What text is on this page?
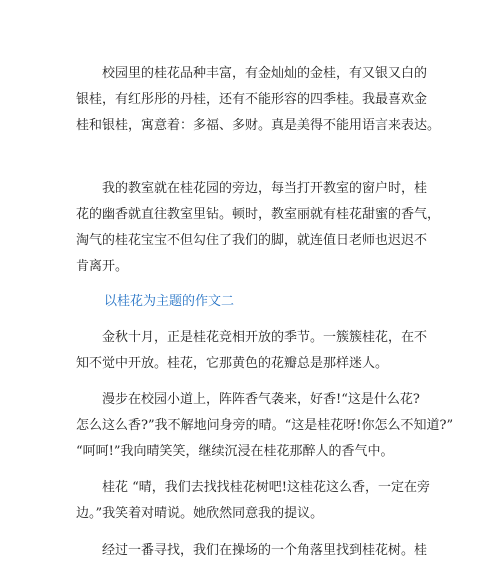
　　校园里的桂花品种丰富，有金灿灿的金桂，有又银又白的
银桂，有红彤彤的丹桂，还有不能形容的四季桂。我最喜欢金
桂和银桂，寓意着：多福、多财。真是美得不能用语言来表达。

　　我的教室就在桂花园的旁边，每当打开教室的窗户时，桂
花的幽香就直往教室里钻。顿时，教室丽就有桂花甜蜜的香气，
淘气的桂花宝宝不但勾住了我们的脚，就连值日老师也迟迟不
肯离开。

以桂花为主题的作文二

　　金秋十月，正是桂花竞相开放的季节。一簇簇桂花，在不
知不觉中开放。桂花，它那黄色的花瓣总是那样迷人。

　　漫步在校园小道上，阵阵香气袭来，好香!“这是什么花?
怎么这么香?”我不解地问身旁的晴。“这是桂花呀!你怎么不知道?”
“呵呵!”我向晴笑笑，继续沉浸在桂花那醉人的香气中。

　　桂花 “晴，我们去找找桂花树吧!这桂花这么香，一定在旁
边。”我笑着对晴说。她欣然同意我的提议。

　　经过一番寻找，我们在操场的一个角落里找到桂花树。桂
